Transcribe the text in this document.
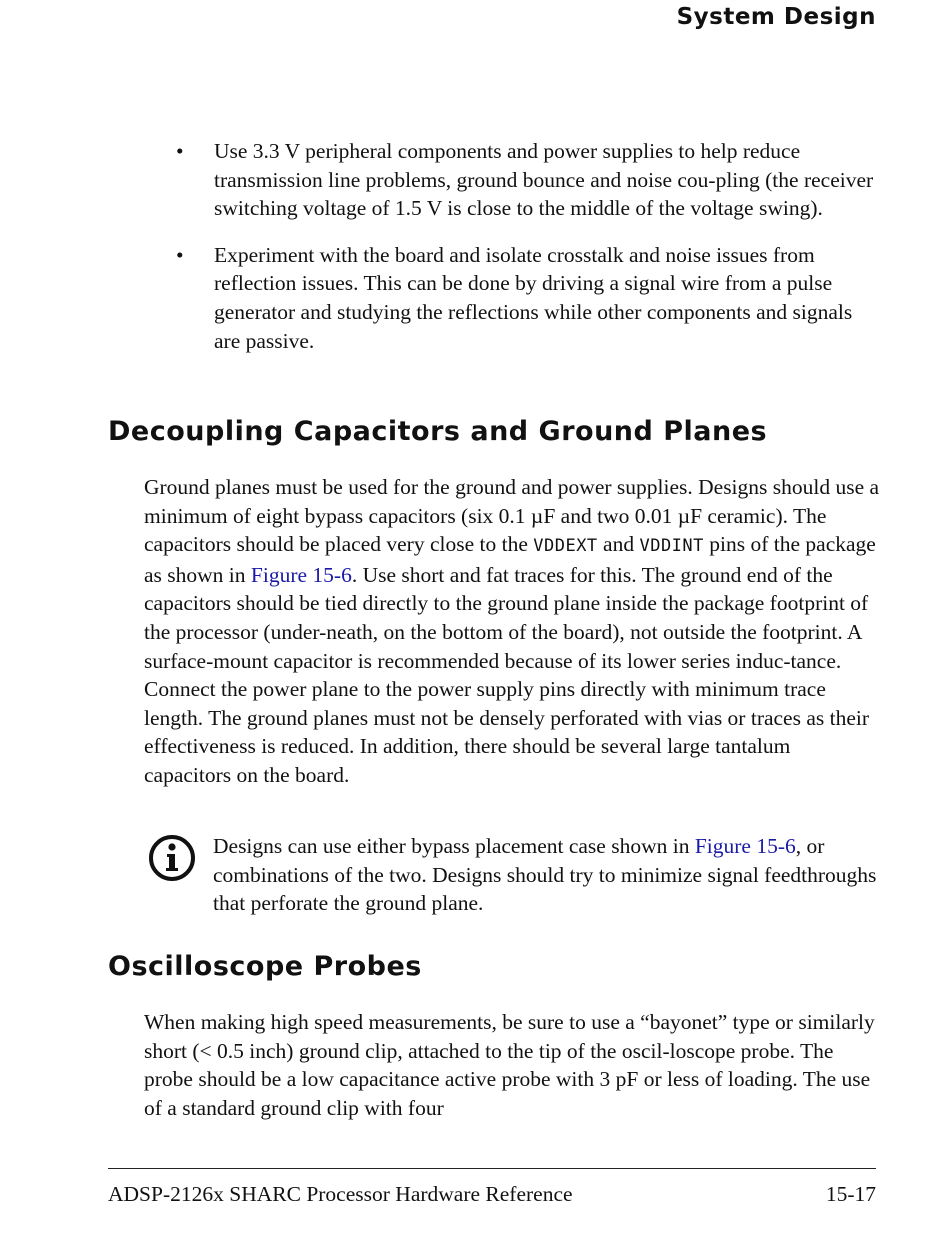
System Design
• Use 3.3 V peripheral components and power supplies to help reduce transmission line problems, ground bounce and noise cou-pling (the receiver switching voltage of 1.5 V is close to the middle of the voltage swing).
• Experiment with the board and isolate crosstalk and noise issues from reflection issues. This can be done by driving a signal wire from a pulse generator and studying the reflections while other components and signals are passive.
Decoupling Capacitors and Ground Planes
Ground planes must be used for the ground and power supplies. Designs should use a minimum of eight bypass capacitors (six 0.1 µF and two 0.01 µF ceramic). The capacitors should be placed very close to the VDDEXT and VDDINT pins of the package as shown in Figure 15-6. Use short and fat traces for this. The ground end of the capacitors should be tied directly to the ground plane inside the package footprint of the processor (under-neath, on the bottom of the board), not outside the footprint. A surface-mount capacitor is recommended because of its lower series induc-tance. Connect the power plane to the power supply pins directly with minimum trace length. The ground planes must not be densely perforated with vias or traces as their effectiveness is reduced. In addition, there should be several large tantalum capacitors on the board.
Designs can use either bypass placement case shown in Figure 15-6, or combinations of the two. Designs should try to minimize signal feedthroughs that perforate the ground plane.
Oscilloscope Probes
When making high speed measurements, be sure to use a “bayonet” type or similarly short (< 0.5 inch) ground clip, attached to the tip of the oscil-loscope probe. The probe should be a low capacitance active probe with 3 pF or less of loading. The use of a standard ground clip with four
ADSP-2126x SHARC Processor Hardware Reference	15-17
